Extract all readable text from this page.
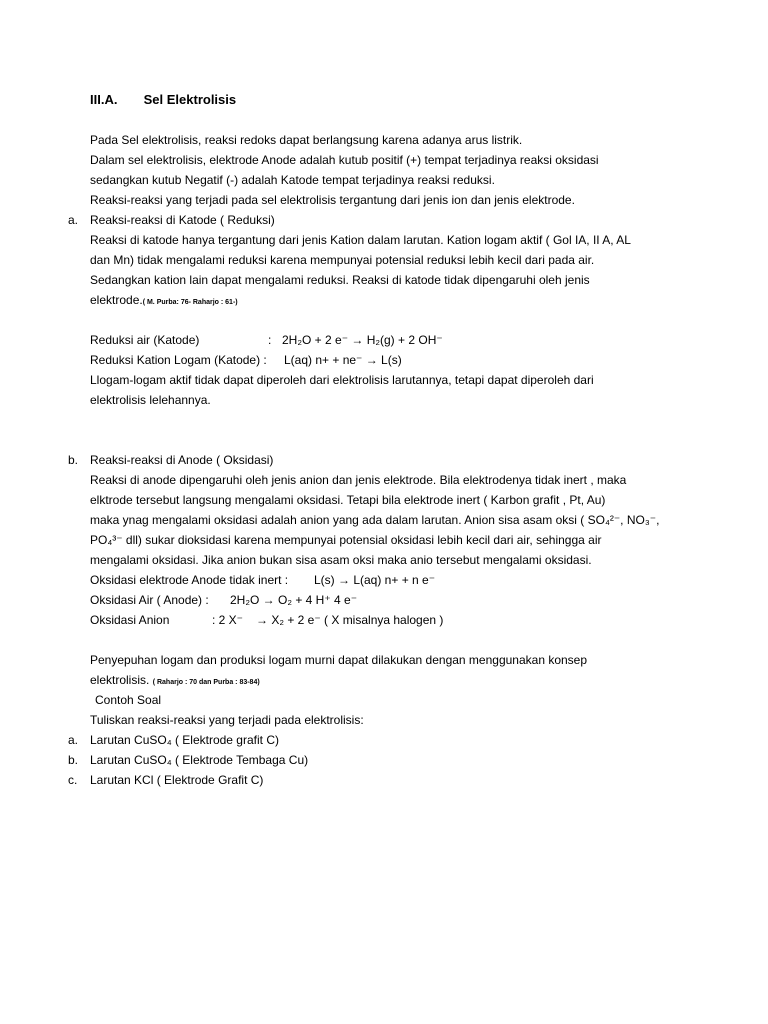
III.A. Sel Elektrolisis
Pada Sel elektrolisis, reaksi redoks dapat berlangsung karena adanya arus listrik.
Dalam sel elektrolisis, elektrode Anode adalah kutub positif (+) tempat terjadinya reaksi oksidasi
sedangkan kutub Negatif (-) adalah Katode tempat terjadinya reaksi reduksi.
Reaksi-reaksi yang terjadi pada sel elektrolisis tergantung dari jenis ion dan jenis elektrode.
a. Reaksi-reaksi di Katode ( Reduksi)
Reaksi di katode hanya tergantung dari jenis Kation dalam larutan. Kation logam aktif ( Gol IA, II A, AL
dan Mn) tidak mengalami reduksi karena mempunyai potensial reduksi lebih kecil dari pada air.
Sedangkan kation lain dapat mengalami reduksi. Reaksi di katode tidak dipengaruhi oleh jenis
elektrode.( M. Purba: 76- Raharjo : 61-)
Reduksi air (Katode)	: 2H₂O + 2 e⁻ → H₂(g) + 2 OH⁻
Reduksi Kation Logam (Katode) : L(aq) n+ + ne⁻ → L(s)
Llogam-logam aktif tidak dapat diperoleh dari elektrolisis larutannya, tetapi dapat diperoleh dari
elektrolisis lelehannya.
b. Reaksi-reaksi di Anode ( Oksidasi)
Reaksi di anode dipengaruhi oleh jenis anion dan jenis elektrode. Bila elektrodenya tidak inert , maka
elktrode tersebut langsung mengalami oksidasi. Tetapi bila elektrode inert ( Karbon grafit , Pt, Au)
maka ynag mengalami oksidasi adalah anion yang ada dalam larutan. Anion sisa asam oksi ( SO₄²⁻, NO₃⁻,
PO₄³⁻ dll) sukar dioksidasi karena mempunyai potensial oksidasi lebih kecil dari air, sehingga air
mengalami oksidasi. Jika anion bukan sisa asam oksi maka anio tersebut mengalami oksidasi.
Oksidasi elektrode Anode tidak inert : L(s) → L(aq) n+ + n e⁻
Oksidasi Air ( Anode) : 2H₂O → O₂ + 4 H⁺ 4 e⁻
Oksidasi Anion	: 2 X⁻ → X₂ + 2 e⁻ ( X misalnya halogen )
Penyepuhan logam dan produksi logam murni dapat dilakukan dengan menggunakan konsep
elektrolisis. ( Raharjo : 70 dan Purba : 83-84)
Contoh Soal
Tuliskan reaksi-reaksi yang terjadi pada elektrolisis:
a. Larutan CuSO₄ ( Elektrode grafit C)
b. Larutan CuSO₄ ( Elektrode Tembaga Cu)
c. Larutan KCl ( Elektrode Grafit C)
